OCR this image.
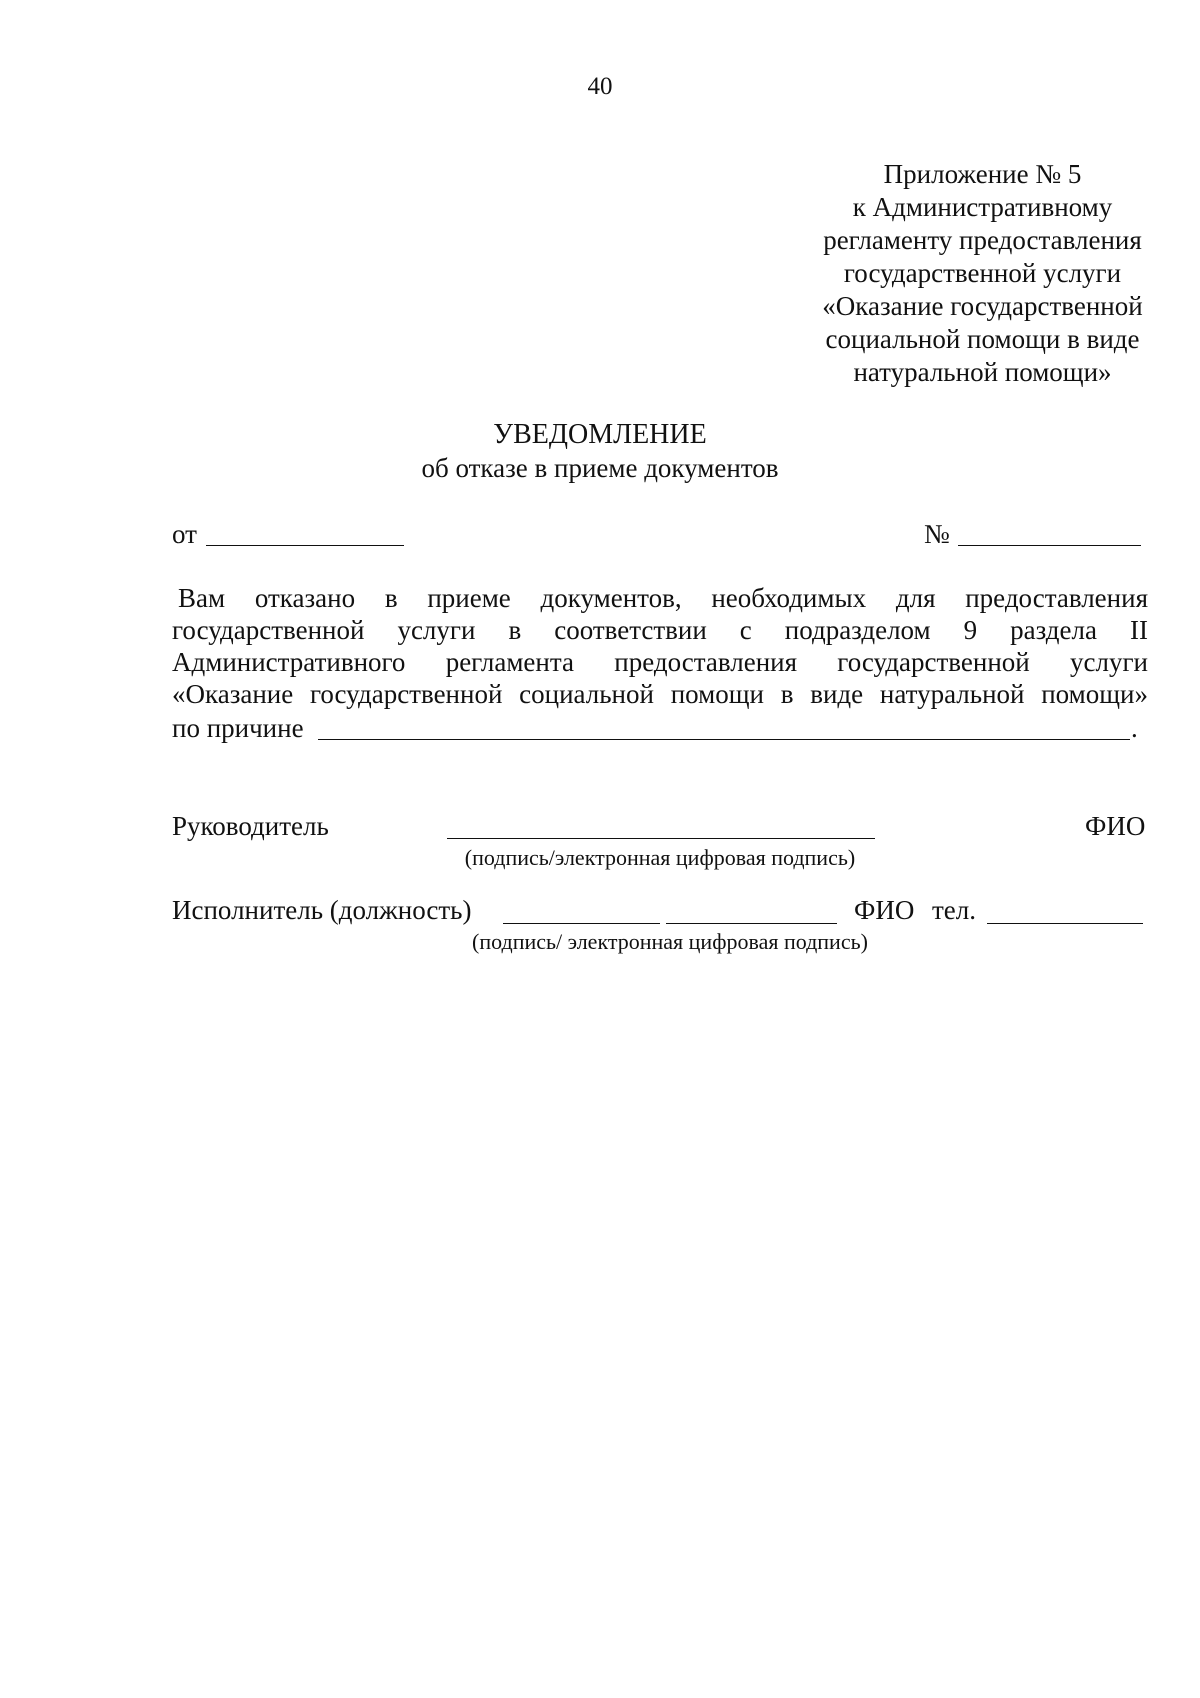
40
Приложение № 5
к Административному
регламенту предоставления
государственной услуги
«Оказание государственной
социальной помощи в виде
натуральной помощи»
УВЕДОМЛЕНИЕ
об отказе в приеме документов
от	№
Вам отказано в приеме документов, необходимых для предоставления
государственной услуги в соответствии с подразделом 9 раздела II
Административного регламента предоставления государственной услуги
«Оказание государственной социальной помощи в виде натуральной помощи»
по причине	.
Руководитель	ФИО
(подпись/электронная цифровая подпись)
Исполнитель (должность)	ФИО тел.
(подпись/ электронная цифровая подпись)
